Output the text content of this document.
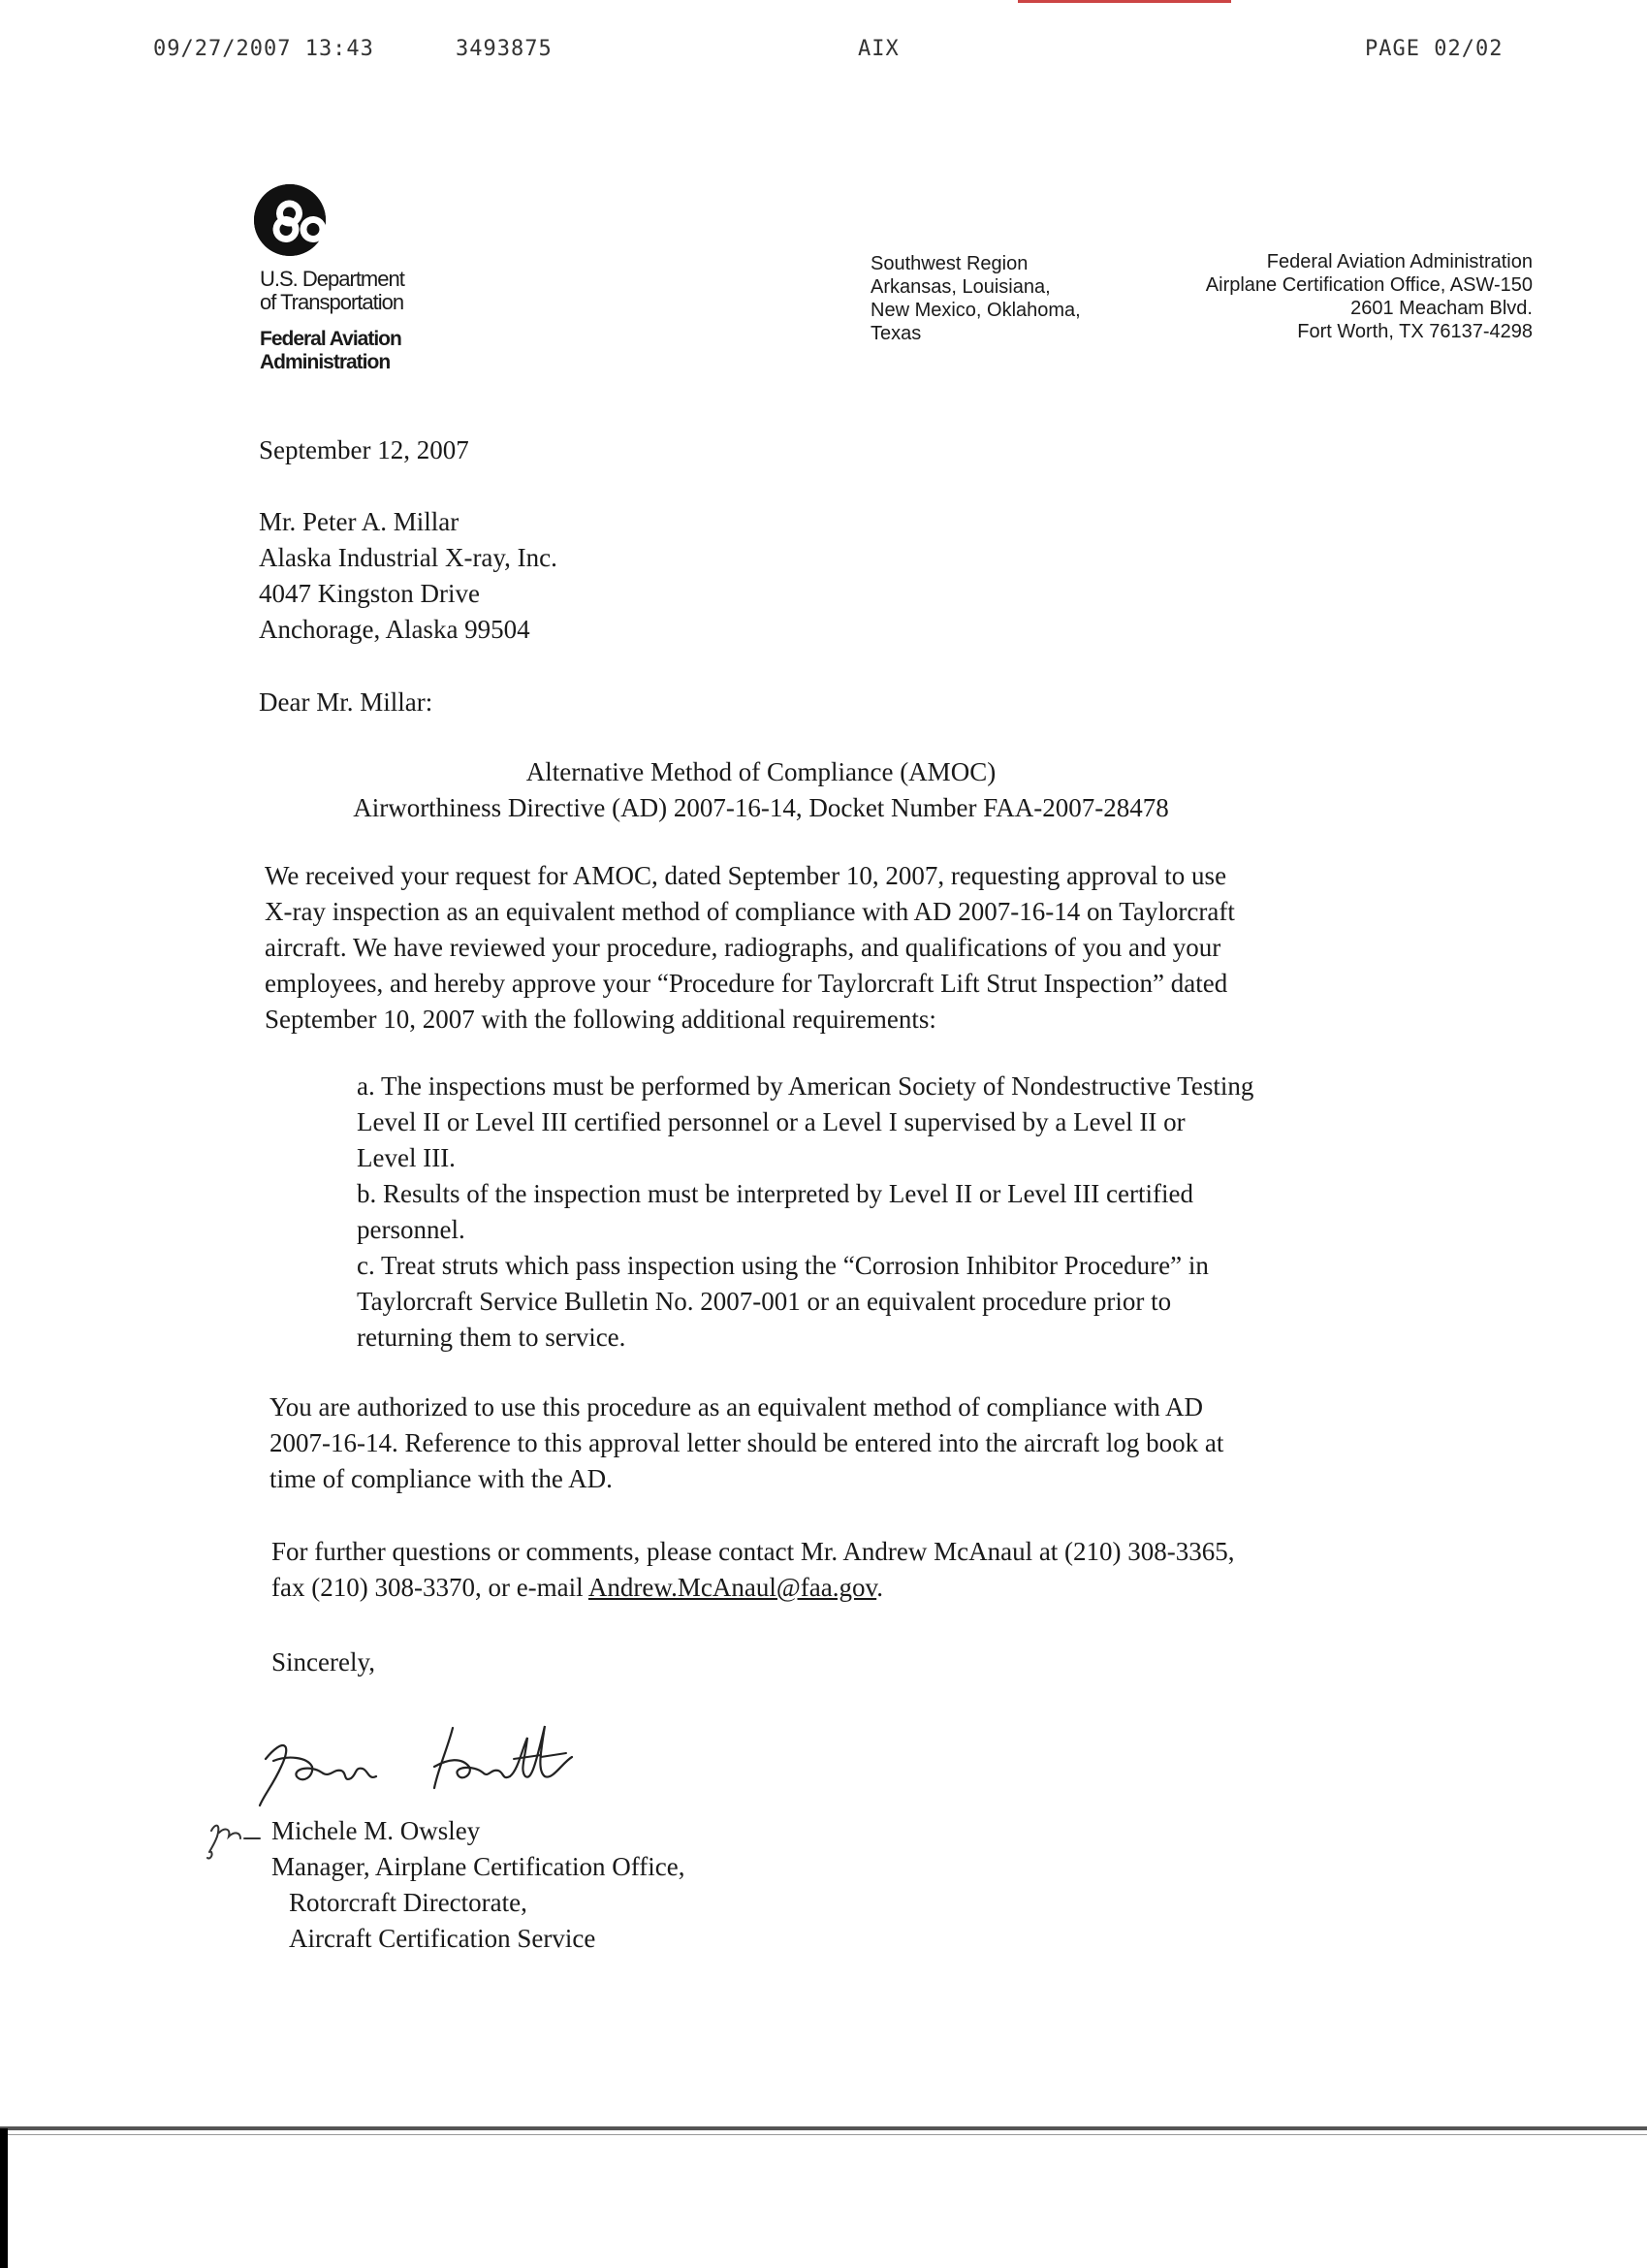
09/27/2007 13:43	3493875	AIX	PAGE 02/02
U.S. Department
of Transportation
Federal Aviation
Administration
Southwest Region
Arkansas, Louisiana,
New Mexico, Oklahoma,
Texas
Federal Aviation Administration
Airplane Certification Office, ASW-150
2601 Meacham Blvd.
Fort Worth, TX 76137-4298
September 12, 2007
Mr. Peter A. Millar
Alaska Industrial X-ray, Inc.
4047 Kingston Drive
Anchorage, Alaska 99504
Dear Mr. Millar:
Alternative Method of Compliance (AMOC)
Airworthiness Directive (AD) 2007-16-14, Docket Number FAA-2007-28478
We received your request for AMOC, dated September 10, 2007, requesting approval to use
X-ray inspection as an equivalent method of compliance with AD 2007-16-14 on Taylorcraft
aircraft. We have reviewed your procedure, radiographs, and qualifications of you and your
employees, and hereby approve your “Procedure for Taylorcraft Lift Strut Inspection” dated
September 10, 2007 with the following additional requirements:
a. The inspections must be performed by American Society of Nondestructive Testing
Level II or Level III certified personnel or a Level I supervised by a Level II or
Level III.
b. Results of the inspection must be interpreted by Level II or Level III certified
personnel.
c. Treat struts which pass inspection using the “Corrosion Inhibitor Procedure” in
Taylorcraft Service Bulletin No. 2007-001 or an equivalent procedure prior to
returning them to service.
You are authorized to use this procedure as an equivalent method of compliance with AD
2007-16-14. Reference to this approval letter should be entered into the aircraft log book at
time of compliance with the AD.
For further questions or comments, please contact Mr. Andrew McAnaul at (210) 308-3365,
fax (210) 308-3370, or e-mail Andrew.McAnaul@faa.gov.
Sincerely,
Michele M. Owsley
Manager, Airplane Certification Office,
Rotorcraft Directorate,
Aircraft Certification Service
